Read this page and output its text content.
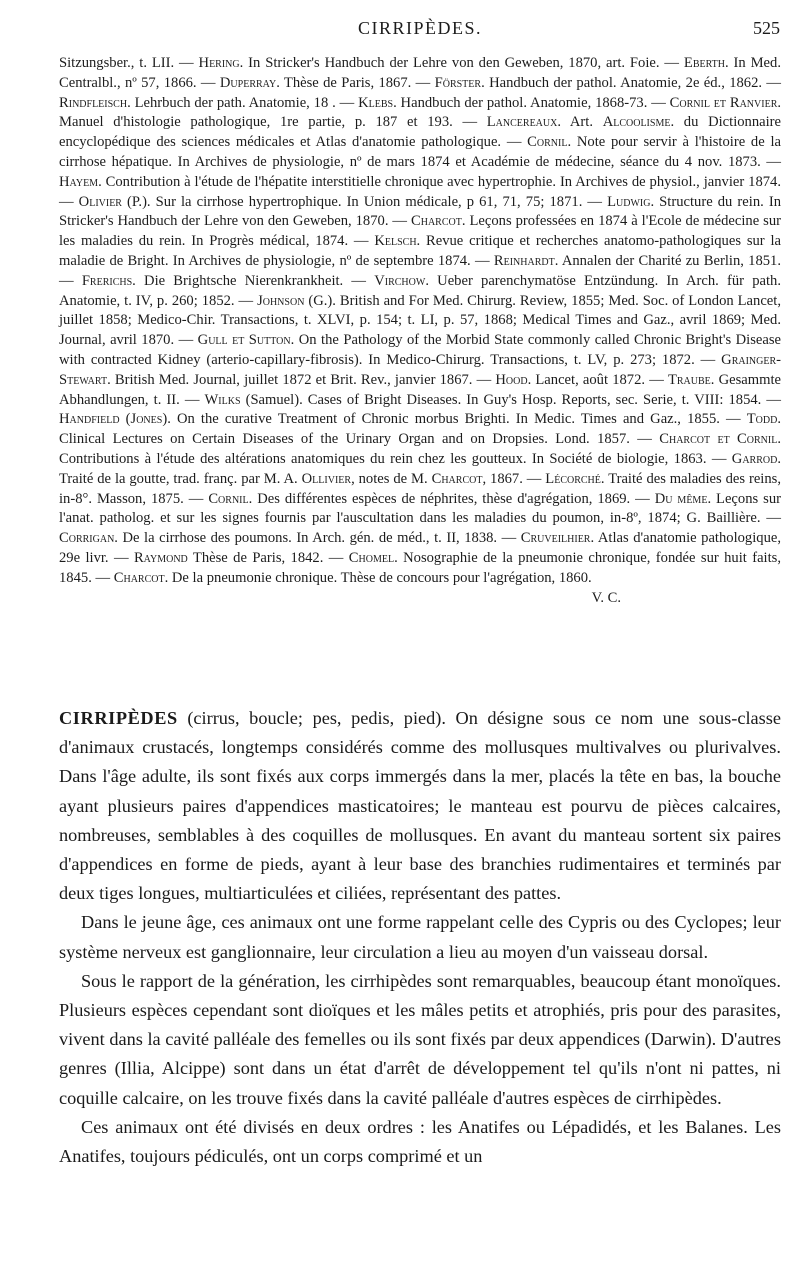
CIRRIPÈDES.	525

Sitzungsber., t. LII. — Hering. In Stricker's Handbuch der Lehre von den Geweben, 1870, art. Foie. — Eberth. In Med. Centralbl., nº 57, 1866. — Duperray. Thèse de Paris, 1867. — Förster. Handbuch der pathol. Anatomie, 2e éd., 1862. — Rindfleisch. Lehrbuch der path. Anatomie, 18 . — Klebs. Handbuch der pathol. Anatomie, 1868-73. — Cornil et Ranvier. Manuel d'histologie pathologique, 1re partie, p. 187 et 193. — Lancereaux. Art. Alcoolisme. du Dictionnaire encyclopédique des sciences médicales et Atlas d'anatomie pathologique. — Cornil. Note pour servir à l'histoire de la cirrhose hépatique. In Archives de physiologie, nº de mars 1874 et Académie de médecine, séance du 4 nov. 1873. — Hayem. Contribution à l'étude de l'hépatite interstitielle chronique avec hypertrophie. In Archives de physiol., janvier 1874. — Olivier (P.). Sur la cirrhose hypertrophique. In Union médicale, p 61, 71, 75; 1871. — Ludwig. Structure du rein. In Stricker's Handbuch der Lehre von den Geweben, 1870. — Charcot. Leçons professées en 1874 à l'Ecole de médecine sur les maladies du rein. In Progrès médical, 1874. — Kelsch. Revue critique et recherches anatomo-pathologiques sur la maladie de Bright. In Archives de physiologie, nº de septembre 1874. — Reinhardt. Annalen der Charité zu Berlin, 1851. — Frerichs. Die Brightsche Nierenkrankheit. — Virchow. Ueber parenchymatöse Entzündung. In Arch. für path. Anatomie, t. IV, p. 260; 1852. — Johnson (G.). British and For Med. Chirurg. Review, 1855; Med. Soc. of London Lancet, juillet 1858; Medico-Chir. Transactions, t. XLVI, p. 154; t. LI, p. 57, 1868; Medical Times and Gaz., avril 1869; Med. Journal, avril 1870. — Gull et Sutton. On the Pathology of the Morbid State commonly called Chronic Bright's Disease with contracted Kidney (arterio-capillary-fibrosis). In Medico-Chirurg. Transactions, t. LV, p. 273; 1872. — Grainger-Stewart. British Med. Journal, juillet 1872 et Brit. Rev., janvier 1867. — Hood. Lancet, août 1872. — Traube. Gesammte Abhandlungen, t. II. — Wilks (Samuel). Cases of Bright Diseases. In Guy's Hosp. Reports, sec. Serie, t. VIII: 1854. — Handfield (Jones). On the curative Treatment of Chronic morbus Brighti. In Medic. Times and Gaz., 1855. — Todd. Clinical Lectures on Certain Diseases of the Urinary Organ and on Dropsies. Lond. 1857. — Charcot et Cornil. Contributions à l'étude des altérations anatomiques du rein chez les goutteux. In Société de biologie, 1863. — Garrod. Traité de la goutte, trad. franç. par M. A. Ollivier, notes de M. Charcot, 1867. — Lécorché. Traité des maladies des reins, in-8°. Masson, 1875. — Cornil. Des différentes espèces de néphrites, thèse d'agrégation, 1869. — Du même. Leçons sur l'anat. patholog. et sur les signes fournis par l'auscultation dans les maladies du poumon, in-8º, 1874; G. Baillière. — Corrigan. De la cirrhose des poumons. In Arch. gén. de méd., t. II, 1838. — Cruveilhier. Atlas d'anatomie pathologique, 29e livr. — Raymond Thèse de Paris, 1842. — Chomel. Nosographie de la pneumonie chronique, fondée sur huit faits, 1845. — Charcot. De la pneumonie chronique. Thèse de concours pour l'agrégation, 1860.

V. C.

CIRRIPÈDES (cirrus, boucle; pes, pedis, pied). On désigne sous ce nom une sous-classe d'animaux crustacés, longtemps considérés comme des mollusques multivalves ou plurivalves. Dans l'âge adulte, ils sont fixés aux corps immergés dans la mer, placés la tête en bas, la bouche ayant plusieurs paires d'appendices masticatoires; le manteau est pourvu de pièces calcaires, nombreuses, semblables à des coquilles de mollusques. En avant du manteau sortent six paires d'appendices en forme de pieds, ayant à leur base des branchies rudimentaires et terminés par deux tiges longues, multiarticulées et ciliées, représentant des pattes.

Dans le jeune âge, ces animaux ont une forme rappelant celle des Cypris ou des Cyclopes; leur système nerveux est ganglionnaire, leur circulation a lieu au moyen d'un vaisseau dorsal.

Sous le rapport de la génération, les cirrhipèdes sont remarquables, beaucoup étant monoïques. Plusieurs espèces cependant sont dioïques et les mâles petits et atrophiés, pris pour des parasites, vivent dans la cavité palléale des femelles ou ils sont fixés par deux appendices (Darwin). D'autres genres (Illia, Alcippe) sont dans un état d'arrêt de développement tel qu'ils n'ont ni pattes, ni coquille calcaire, on les trouve fixés dans la cavité palléale d'autres espèces de cirrhipèdes.

Ces animaux ont été divisés en deux ordres : les Anatifes ou Lépadidés, et les Balanes. Les Anatifes, toujours pédiculés, ont un corps comprimé et un
